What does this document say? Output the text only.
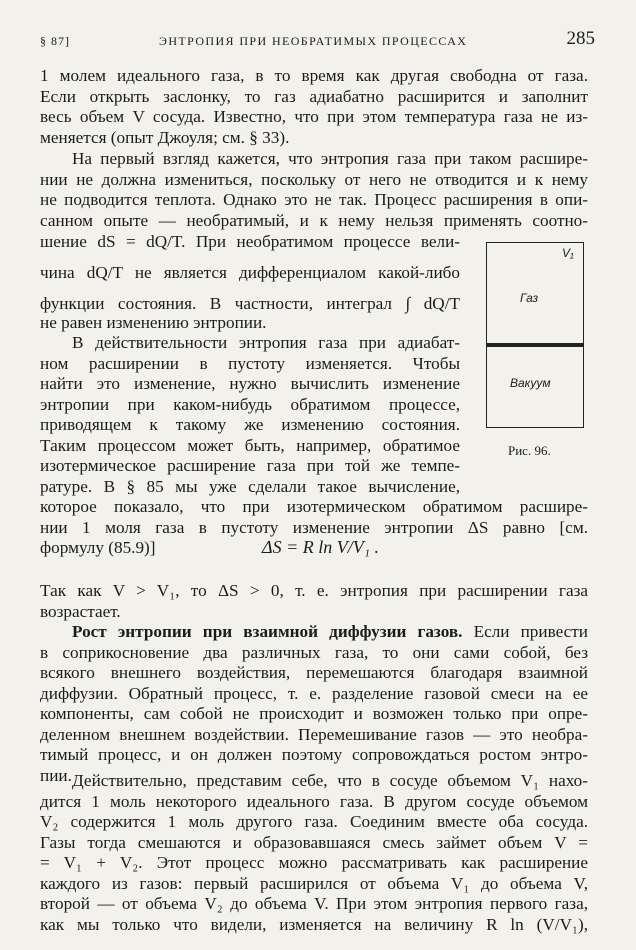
§ 87]	ЭНТРОПИЯ ПРИ НЕОБРАТИМЫХ ПРОЦЕССАХ	285
1 молем идеального газа, в то время как другая свободна от газа.
Если открыть заслонку, то газ адиабатно расширится и заполнит
весь объем V сосуда. Известно, что при этом температура газа не из-
меняется (опыт Джоуля; см. § 33).
На первый взгляд кажется, что энтропия газа при таком расшире-
нии не должна измениться, поскольку от него не отводится и к нему
не подводится теплота. Однако это не так. Процесс расширения в опи-
санном опыте — необратимый, и к нему нельзя применять соотно-
шение dS = dQ/T. При необратимом процессе вели-
чина dQ/T не является дифференциалом какой-либо
функции состояния. В частности, интеграл ∫ dQ/T
не равен изменению энтропии.
В действительности энтропия газа при адиабат-
ном расширении в пустоту изменяется. Чтобы
найти это изменение, нужно вычислить изменение
энтропии при каком-нибудь обратимом процессе,
приводящем к такому же изменению состояния.
Таким процессом может быть, например, обратимое
изотермическое расширение газа при той же темпе-
ратуре. В § 85 мы уже сделали такое вычисление,
которое показало, что при изотермическом обратимом расшире-
нии 1 моля газа в пустоту изменение энтропии ΔS равно [см.
формулу (85.9)]	ΔS = R ln V/V₁ .
Так как V > V₁, то ΔS > 0, т. е. энтропия при расширении газа
возрастает.
Рост энтропии при взаимной диффузии газов. Если привести
в соприкосновение два различных газа, то они сами собой, без
всякого внешнего воздействия, перемешаются благодаря взаимной
диффузии. Обратный процесс, т. е. разделение газовой смеси на ее
компоненты, сам собой не происходит и возможен только при опре-
деленном внешнем воздействии. Перемешивание газов — это необра-
тимый процесс, и он должен поэтому сопровождаться ростом энтро-
пии. Действительно, представим себе, что в сосуде объемом V₁ нахо-
дится 1 моль некоторого идеального газа. В другом сосуде объемом
V₂ содержится 1 моль другого газа. Соединим вместе оба сосуда.
Газы тогда смешаются и образовавшаяся смесь займет объем V =
= V₁ + V₂. Этот процесс можно рассматривать как расширение
каждого из газов: первый расширился от объема V₁ до объема V,
второй — от объема V₂ до объема V. При этом энтропия первого газа,
как мы только что видели, изменяется на величину R ln (V/V₁),
V₁
Газ
Вакуум
Рис. 96.
